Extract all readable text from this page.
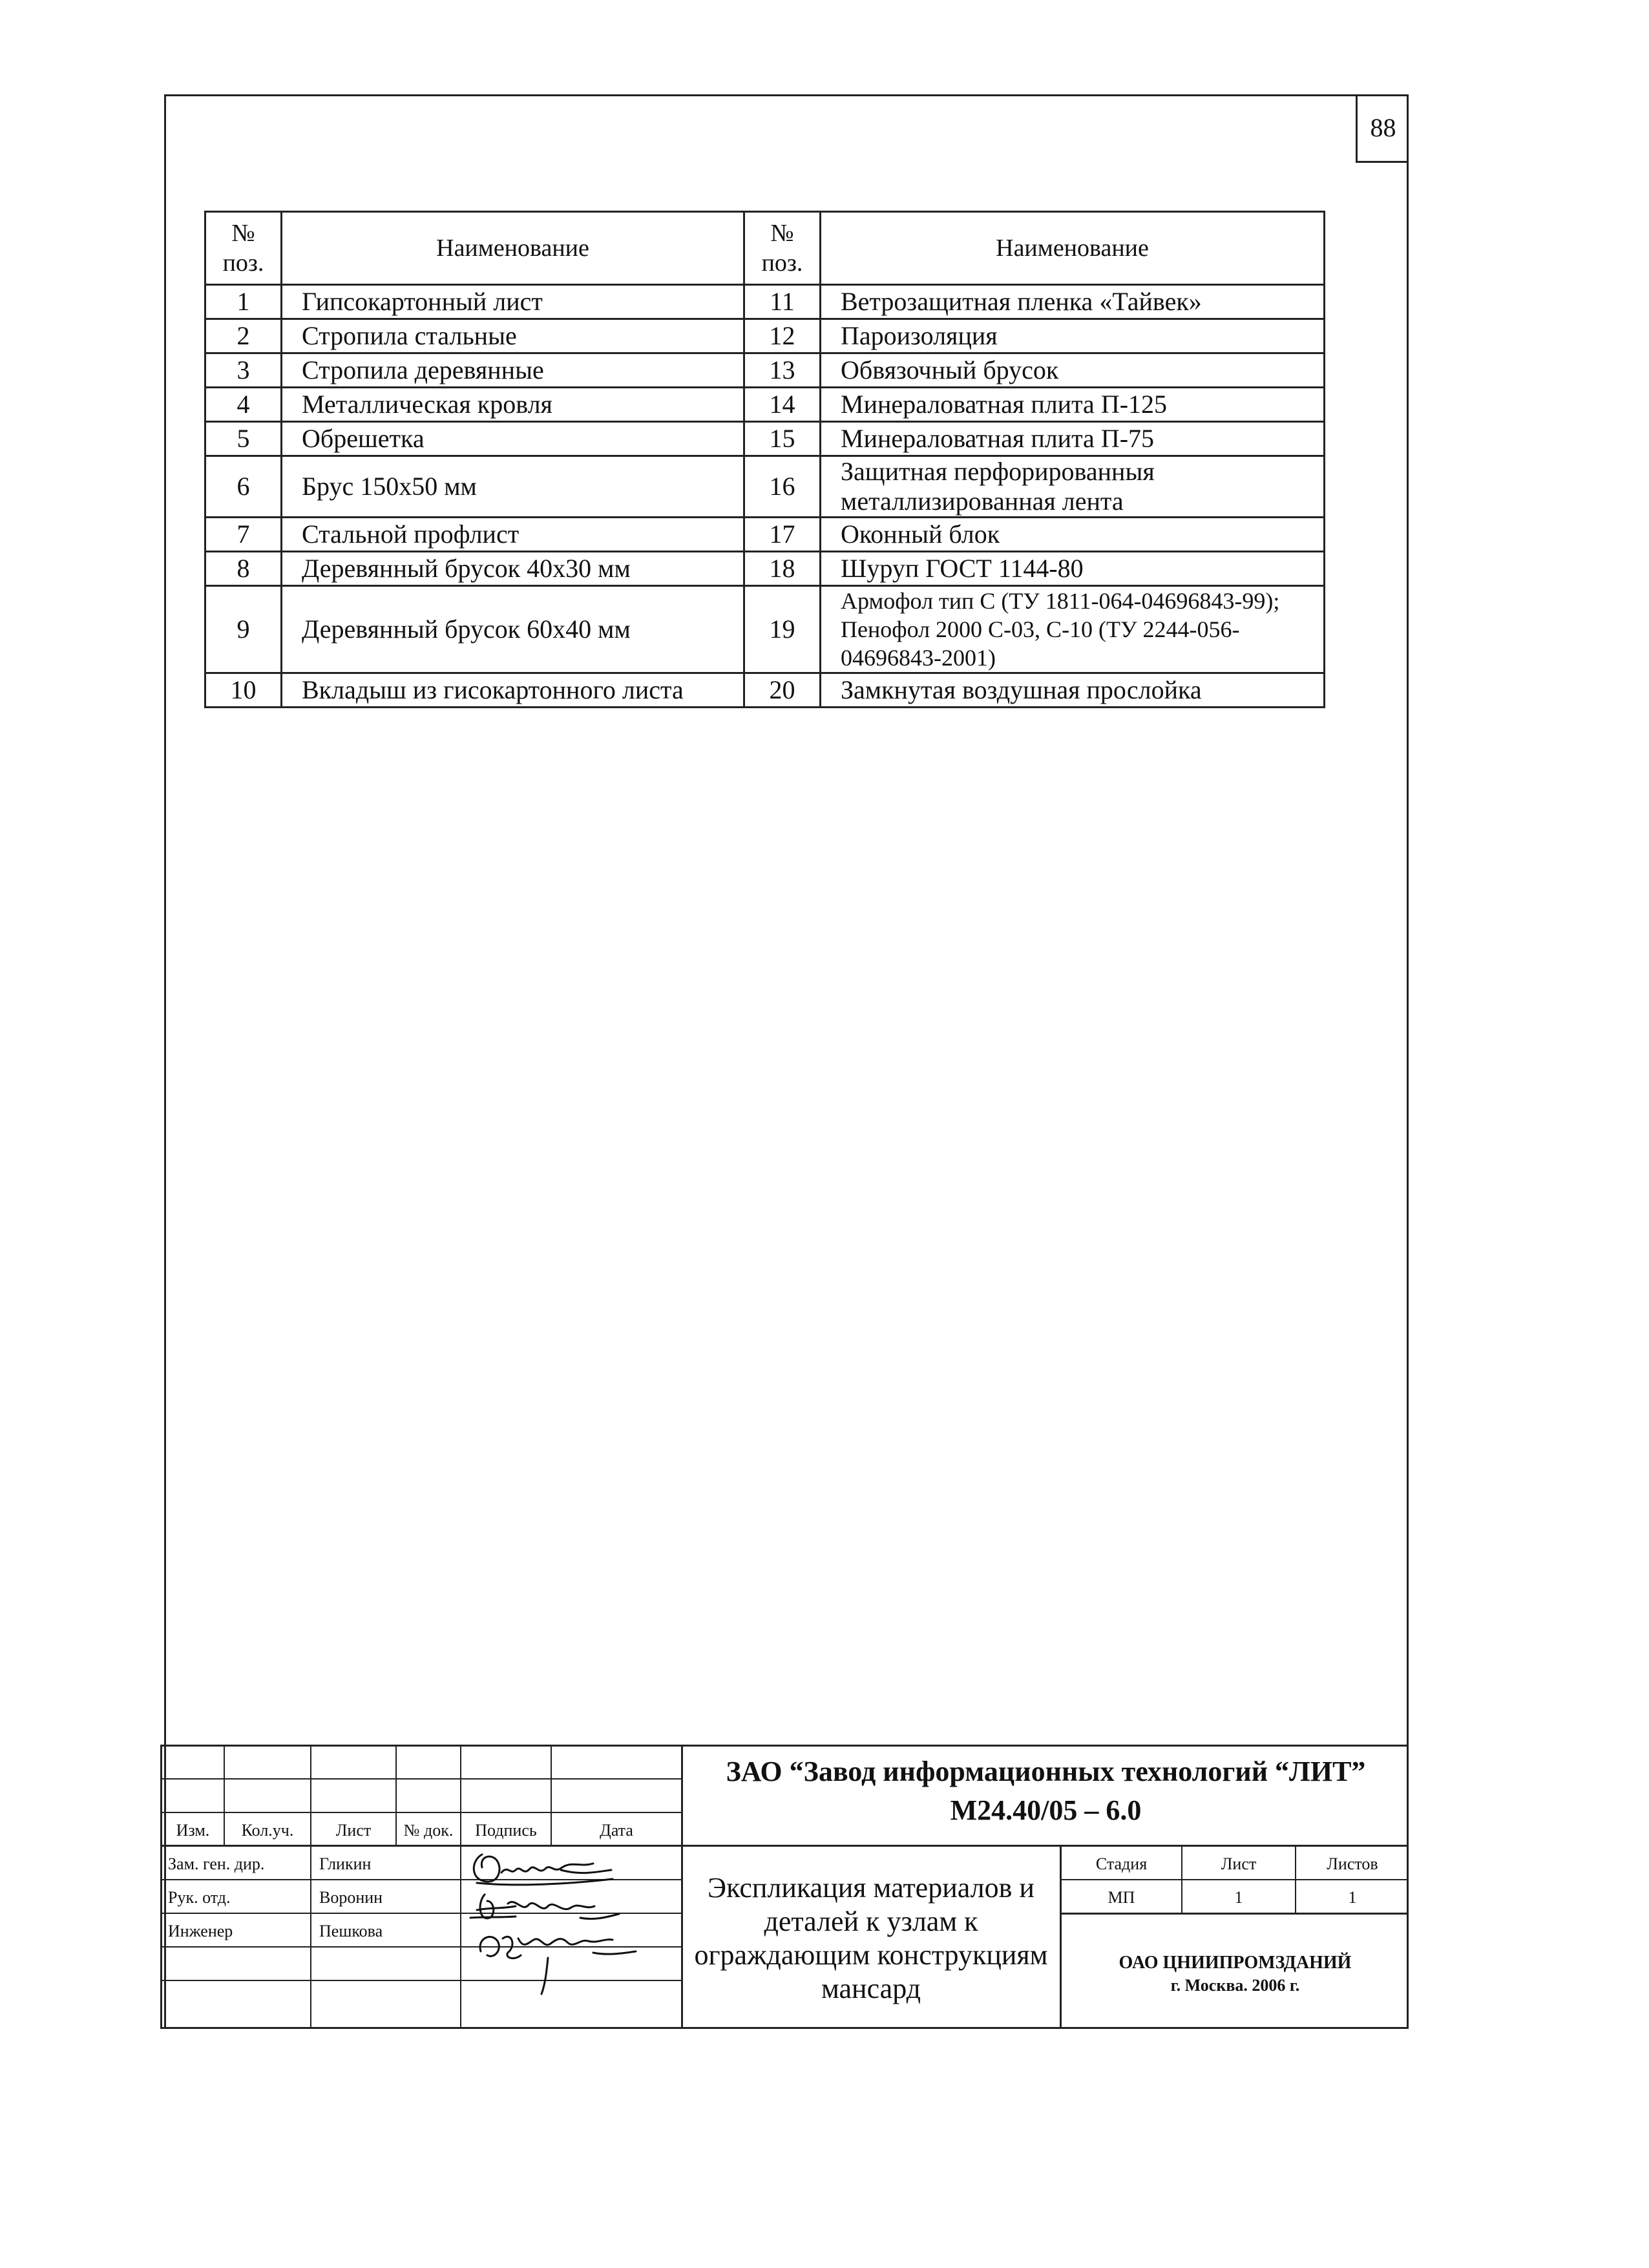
88
№ поз.	Наименование	№ поз.	Наименование
1	Гипсокартонный лист	11	Ветрозащитная пленка «Тайвек»
2	Стропила стальные	12	Пароизоляция
3	Стропила деревянные	13	Обвязочный брусок
4	Металлическая кровля	14	Минераловатная плита П-125
5	Обрешетка	15	Минераловатная плита П-75
6	Брус 150х50 мм	16	Защитная перфорированныя металлизированная лента
7	Стальной профлист	17	Оконный блок
8	Деревянный брусок 40х30 мм	18	Шуруп ГОСТ 1144-80
9	Деревянный брусок 60х40 мм	19	Армофол тип С (ТУ 1811-064-04696843-99); Пенофол 2000 С-03, С-10 (ТУ 2244-056-04696843-2001)
10	Вкладыш из гисокартонного листа	20	Замкнутая воздушная прослойка
Изм.	Кол.уч.	Лист	№ док.	Подпись	Дата
Зам. ген. дир.	Гликин
Рук. отд.	Воронин
Инженер	Пешкова
ЗАО “Завод информационных технологий “ЛИТ”
М24.40/05 – 6.0
Экспликация материалов и деталей к узлам к ограждающим конструкциям мансард
Стадия	Лист	Листов
МП	1	1
ОАО ЦНИИПРОМЗДАНИЙ
г. Москва. 2006 г.
